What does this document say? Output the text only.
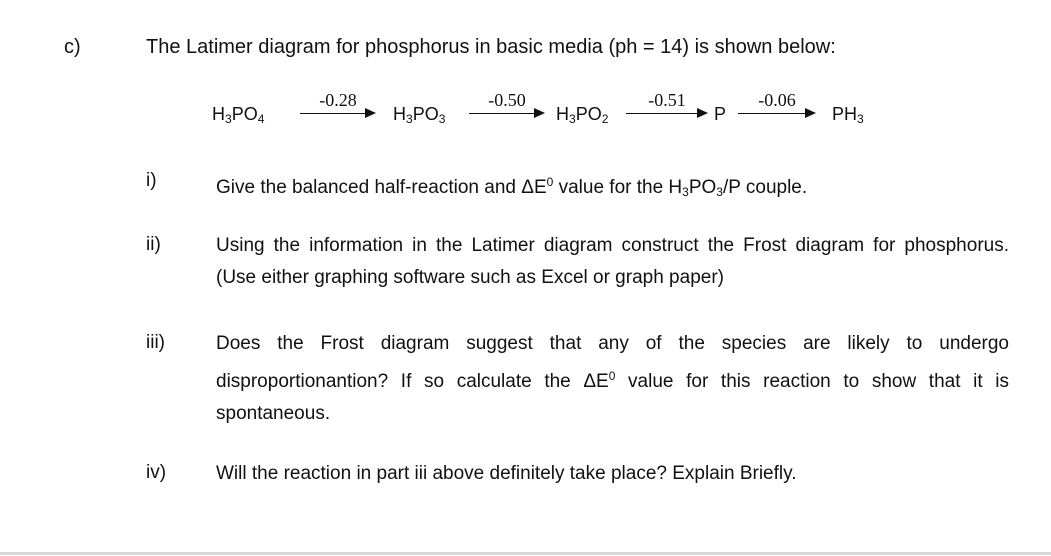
c)	The Latimer diagram for phosphorus in basic media (ph = 14) is shown below:
$H_3PO_4$
-0.28
$H_3PO_3$
-0.50
$H_3PO_2$
-0.51
P
-0.06
$PH_3$
i)	Give the balanced half-reaction and $\Delta E^0$ value for the $H_3PO_3/P$ couple.
ii)	Using the information in the Latimer diagram construct the Frost diagram for phosphorus. (Use either graphing software such as Excel or graph paper)
iii)	Does the Frost diagram suggest that any of the species are likely to undergo disproportionantion? If so calculate the $\Delta E^0$ value for this reaction to show that it is spontaneous.
iv)	Will the reaction in part iii above definitely take place? Explain Briefly.
